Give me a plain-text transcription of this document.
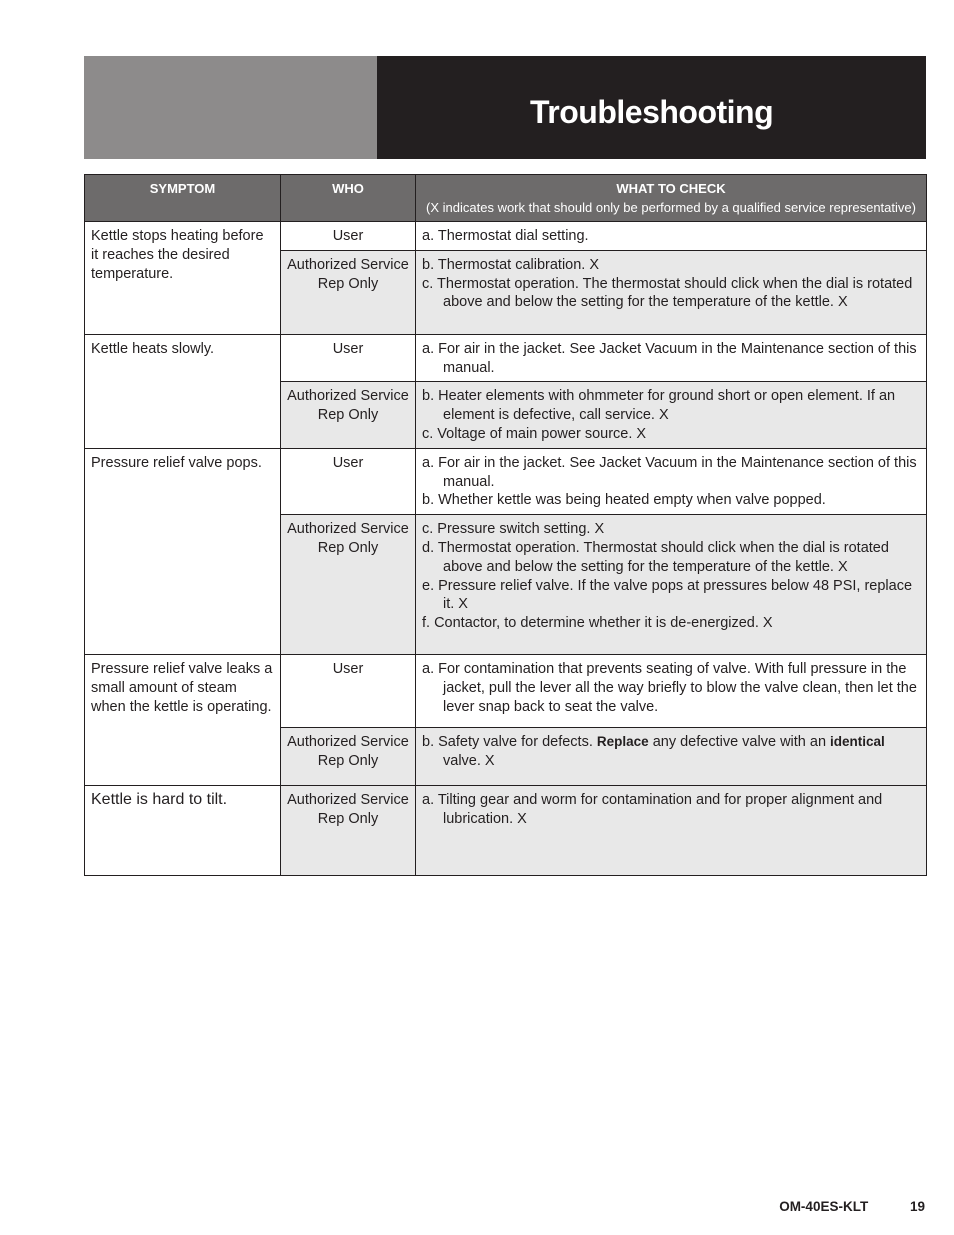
Troubleshooting
SYMPTOM	WHO	WHAT TO CHECK
(X indicates work that should only be performed by a qualified service representative)

Kettle stops heating before it reaches the desired temperature.	User	a. Thermostat dial setting.

	Authorized Service Rep Only	b. Thermostat calibration. X
c. Thermostat operation. The thermostat should click when the dial is rotated above and below the setting for the temperature of the kettle. X

Kettle heats slowly.	User	a. For air in the jacket. See Jacket Vacuum in the Maintenance section of this manual.

	Authorized Service Rep Only	b. Heater elements with ohmmeter for ground short or open element. If an element is defective, call service. X
c. Voltage of main power source. X

Pressure relief valve pops.	User	a. For air in the jacket. See Jacket Vacuum in the Maintenance section of this manual.
b. Whether kettle was being heated empty when valve popped.

	Authorized Service Rep Only	c. Pressure switch setting. X
d. Thermostat operation. Thermostat should click when the dial is rotated above and below the setting for the temperature of the kettle. X
e. Pressure relief valve. If the valve pops at pressures below 48 PSI, replace it. X
f. Contactor, to determine whether it is de-energized. X

Pressure relief valve leaks a small amount of steam when the kettle is operating.	User	a. For contamination that prevents seating of valve. With full pressure in the jacket, pull the lever all the way briefly to blow the valve clean, then let the lever snap back to seat the valve.

	Authorized Service Rep Only	b. Safety valve for defects. Replace any defective valve with an identical valve. X

Kettle is hard to tilt.	Authorized Service Rep Only	a. Tilting gear and worm for contamination and for proper alignment and lubrication. X
OM-40ES-KLT	19
